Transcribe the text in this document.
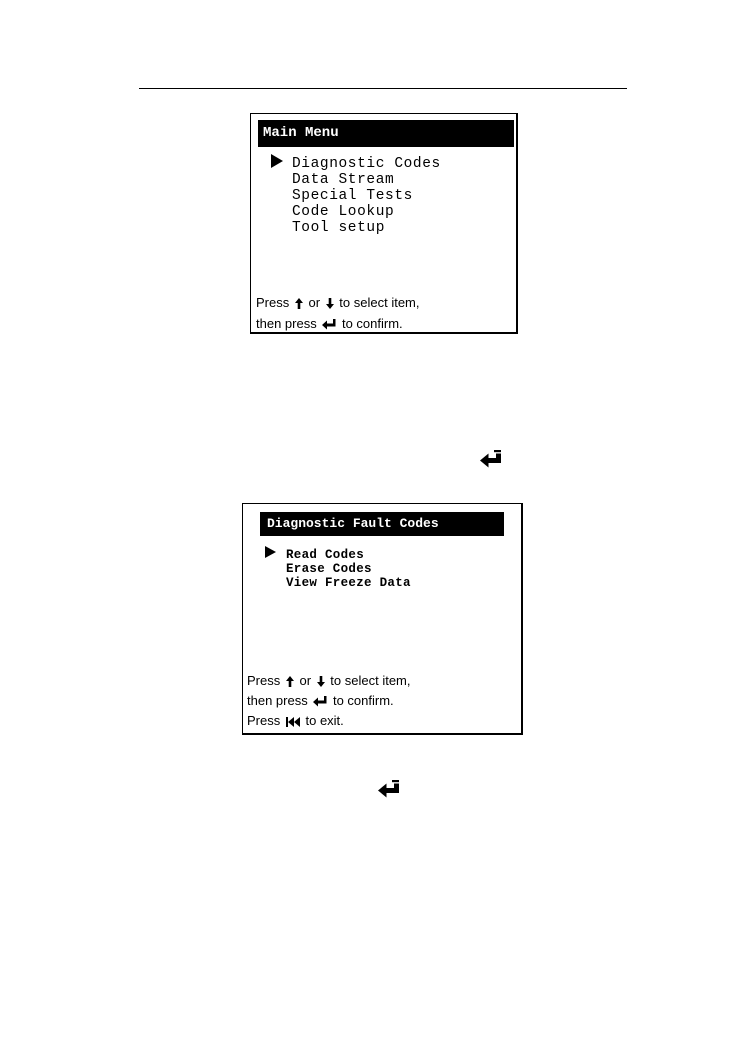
Main Menu
Diagnostic Codes
Data Stream
Special Tests
Code Lookup
Tool setup
Press or to select item,
then press to confirm.
Diagnostic Fault Codes
Read Codes
Erase Codes
View Freeze Data
Press or to select item,
then press to confirm.
Press to exit.
